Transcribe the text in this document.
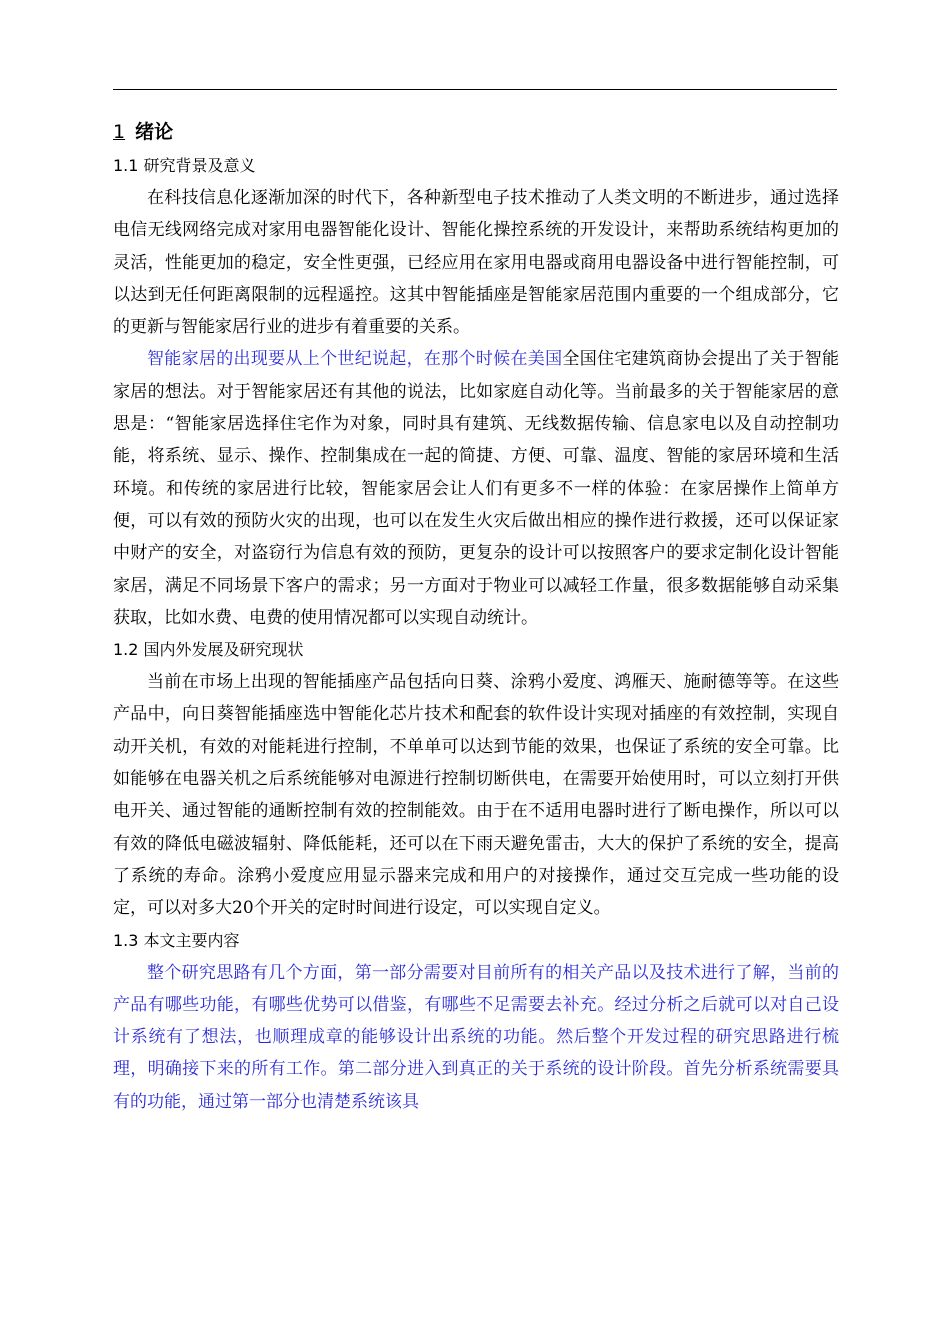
1 绪论
1.1 研究背景及意义

在科技信息化逐渐加深的时代下，各种新型电子技术推动了人类文明的不断进步，通过选择电信无线网络完成对家用电器智能化设计、智能化操控系统的开发设计，来帮助系统结构更加的灵活，性能更加的稳定，安全性更强，已经应用在家用电器或商用电器设备中进行智能控制，可以达到无任何距离限制的远程遥控。这其中智能插座是智能家居范围内重要的一个组成部分，它的更新与智能家居行业的进步有着重要的关系。

智能家居的出现要从上个世纪说起，在那个时候在美国全国住宅建筑商协会提出了关于智能家居的想法。对于智能家居还有其他的说法，比如家庭自动化等。当前最多的关于智能家居的意思是：“智能家居选择住宅作为对象，同时具有建筑、无线数据传输、信息家电以及自动控制功能，将系统、显示、操作、控制集成在一起的简捷、方便、可靠、温度、智能的家居环境和生活环境。和传统的家居进行比较，智能家居会让人们有更多不一样的体验：在家居操作上简单方便，可以有效的预防火灾的出现，也可以在发生火灾后做出相应的操作进行救援，还可以保证家中财产的安全，对盗窃行为信息有效的预防，更复杂的设计可以按照客户的要求定制化设计智能家居，满足不同场景下客户的需求；另一方面对于物业可以减轻工作量，很多数据能够自动采集获取，比如水费、电费的使用情况都可以实现自动统计。

1.2 国内外发展及研究现状

当前在市场上出现的智能插座产品包括向日葵、涂鸦小爱度、鸿雁天、施耐德等等。在这些产品中，向日葵智能插座选中智能化芯片技术和配套的软件设计实现对插座的有效控制，实现自动开关机，有效的对能耗进行控制，不单单可以达到节能的效果，也保证了系统的安全可靠。比如能够在电器关机之后系统能够对电源进行控制切断供电，在需要开始使用时，可以立刻打开供电开关、通过智能的通断控制有效的控制能效。由于在不适用电器时进行了断电操作，所以可以有效的降低电磁波辐射、降低能耗，还可以在下雨天避免雷击，大大的保护了系统的安全，提高了系统的寿命。涂鸦小爱度应用显示器来完成和用户的对接操作，通过交互完成一些功能的设定，可以对多大20个开关的定时时间进行设定，可以实现自定义。

1.3 本文主要内容

整个研究思路有几个方面，第一部分需要对目前所有的相关产品以及技术进行了解，当前的产品有哪些功能，有哪些优势可以借鉴，有哪些不足需要去补充。经过分析之后就可以对自己设计系统有了想法，也顺理成章的能够设计出系统的功能。然后整个开发过程的研究思路进行梳理，明确接下来的所有工作。第二部分进入到真正的关于系统的设计阶段。首先分析系统需要具有的功能，通过第一部分也清楚系统该具
